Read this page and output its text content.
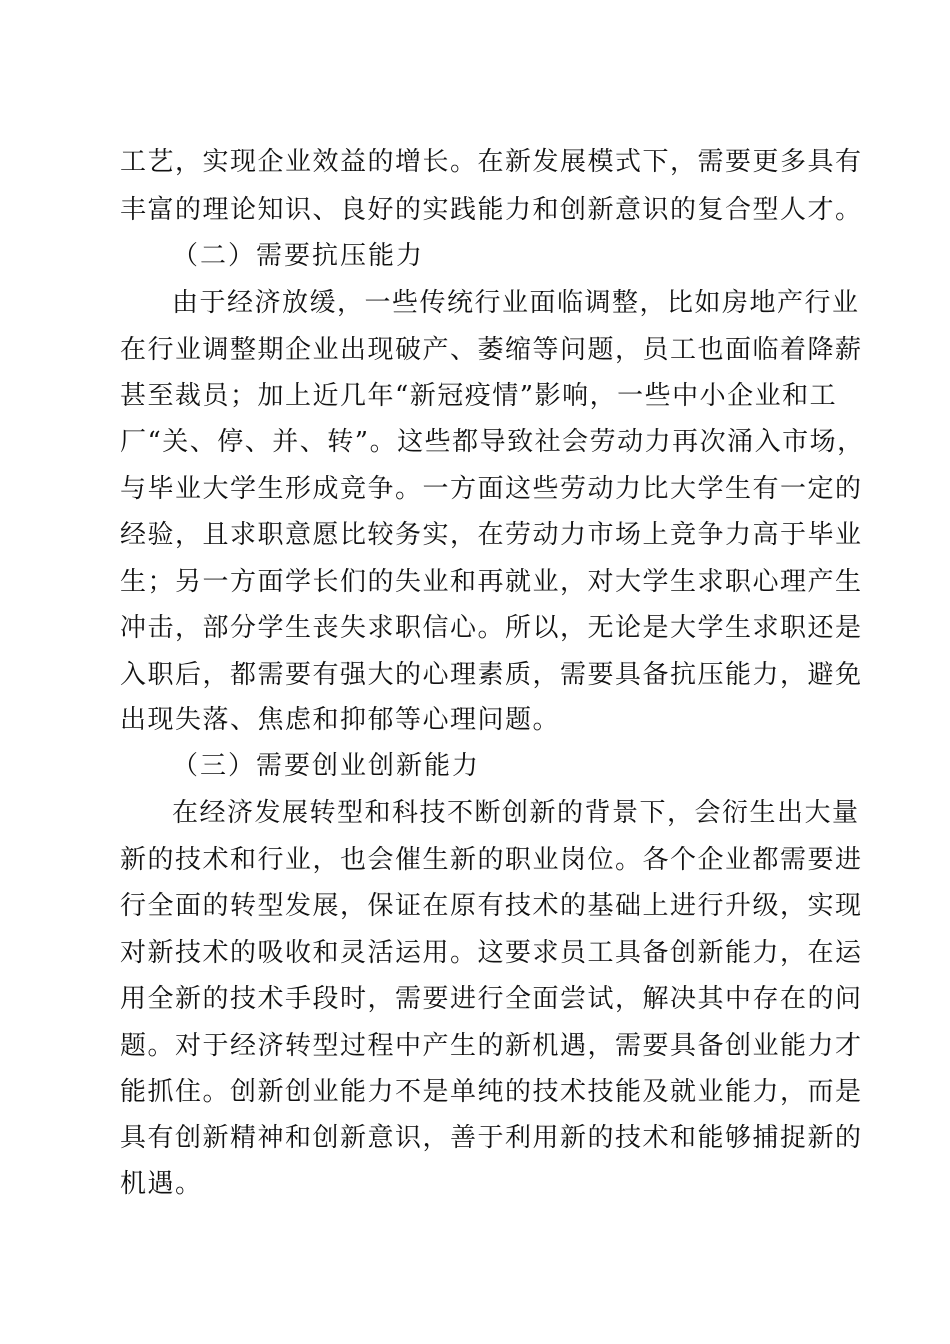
工艺，实现企业效益的增长。在新发展模式下，需要更多具有
丰富的理论知识、良好的实践能力和创新意识的复合型人才。
（二）需要抗压能力
由于经济放缓，一些传统行业面临调整，比如房地产行业
在行业调整期企业出现破产、萎缩等问题，员工也面临着降薪
甚至裁员；加上近几年“新冠疫情”影响，一些中小企业和工
厂“关、停、并、转”。这些都导致社会劳动力再次涌入市场，
与毕业大学生形成竞争。一方面这些劳动力比大学生有一定的
经验，且求职意愿比较务实，在劳动力市场上竞争力高于毕业
生；另一方面学长们的失业和再就业，对大学生求职心理产生
冲击，部分学生丧失求职信心。所以，无论是大学生求职还是
入职后，都需要有强大的心理素质，需要具备抗压能力，避免
出现失落、焦虑和抑郁等心理问题。
（三）需要创业创新能力
在经济发展转型和科技不断创新的背景下，会衍生出大量
新的技术和行业，也会催生新的职业岗位。各个企业都需要进
行全面的转型发展，保证在原有技术的基础上进行升级，实现
对新技术的吸收和灵活运用。这要求员工具备创新能力，在运
用全新的技术手段时，需要进行全面尝试，解决其中存在的问
题。对于经济转型过程中产生的新机遇，需要具备创业能力才
能抓住。创新创业能力不是单纯的技术技能及就业能力，而是
具有创新精神和创新意识，善于利用新的技术和能够捕捉新的
机遇。
